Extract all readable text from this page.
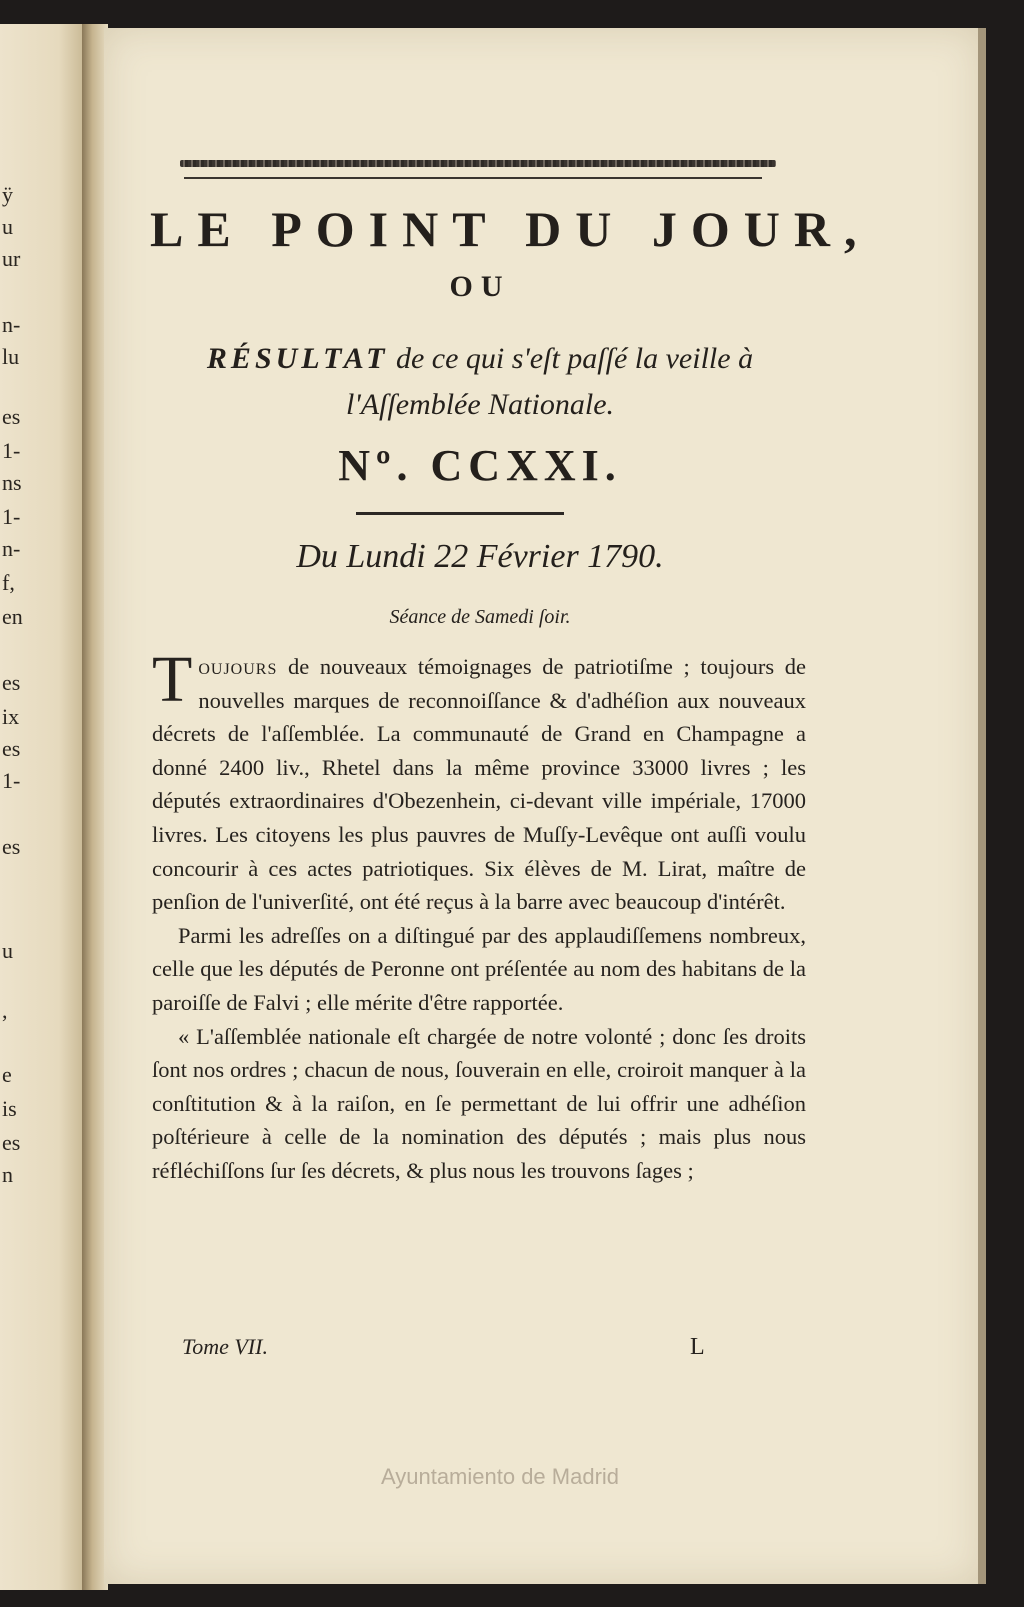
ÿ
u
ur
n-
lu
es
1-
ns
1-
n-
f,
en
es
ix
es
1-
es
u
,
e
is
es
n
LE POINT DU JOUR,
OU
RÉSULTAT de ce qui s'eſt paſſé la veille à l'Aſſemblée Nationale.
Nº. CCXXI.
Du Lundi 22 Février 1790.
Séance de Samedi ſoir.

Toujours de nouveaux témoignages de patriotiſme ; toujours de nouvelles marques de reconnoiſſance & d'adhéſion aux nouveaux décrets de l'aſſemblée. La communauté de Grand en Champagne a donné 2400 liv., Rhetel dans la même province 33000 livres ; les députés extraordinaires d'Obezenhein, ci-devant ville impériale, 17000 livres. Les citoyens les plus pauvres de Muſſy-Levêque ont auſſi voulu concourir à ces actes patriotiques. Six élèves de M. Lirat, maître de penſion de l'univerſité, ont été reçus à la barre avec beaucoup d'intérêt.

Parmi les adreſſes on a diſtingué par des applaudiſſemens nombreux, celle que les députés de Peronne ont préſentée au nom des habitans de la paroiſſe de Falvi ; elle mérite d'être rapportée.

« L'aſſemblée nationale eſt chargée de notre volonté ; donc ſes droits ſont nos ordres ; chacun de nous, ſouverain en elle, croiroit manquer à la conſtitution & à la raiſon, en ſe permettant de lui offrir une adhéſion poſtérieure à celle de la nomination des députés ; mais plus nous réfléchiſſons ſur ſes décrets, & plus nous les trouvons ſages ;

Tome VII.	L
Ayuntamiento de Madrid
